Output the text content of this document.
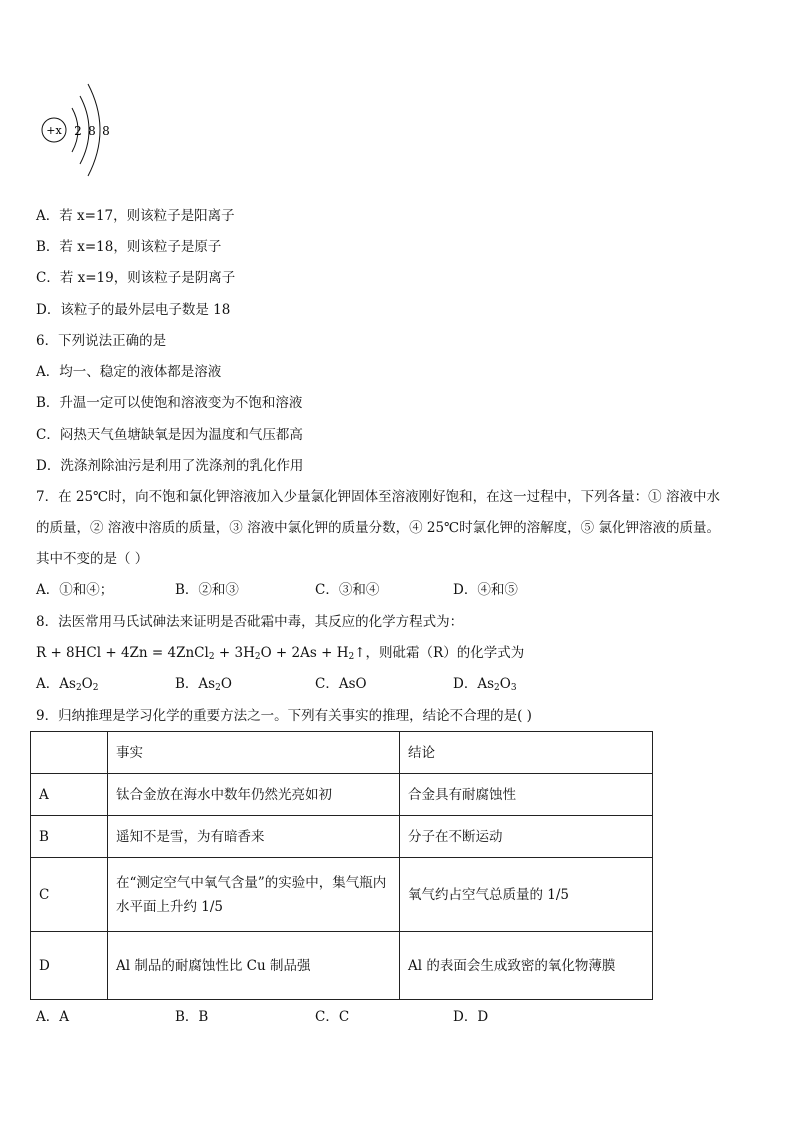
+x 2 8 8
A．若 x=17，则该粒子是阳离子
B．若 x=18，则该粒子是原子
C．若 x=19，则该粒子是阴离子
D．该粒子的最外层电子数是 18
6．下列说法正确的是
A．均一、稳定的液体都是溶液
B．升温一定可以使饱和溶液变为不饱和溶液
C．闷热天气鱼塘缺氧是因为温度和气压都高
D．洗涤剂除油污是利用了洗涤剂的乳化作用
7．在 25℃时，向不饱和氯化钾溶液加入少量氯化钾固体至溶液刚好饱和，在这一过程中，下列各量：① 溶液中水
的质量，② 溶液中溶质的质量，③ 溶液中氯化钾的质量分数，④ 25℃时氯化钾的溶解度，⑤ 氯化钾溶液的质量。
其中不变的是（ ）
A．①和④；	B．②和③	C．③和④	D．④和⑤
8．法医常用马氏试砷法来证明是否砒霜中毒，其反应的化学方程式为：
R + 8HCl + 4Zn = 4ZnCl$_2$ + $3H_2O + 2As$ + $H_2↑$，则砒霜（R）的化学式为
A．$As_2O_2$	B．$As_2O$	C．AsO	D．$As_2O_3$
9．归纳推理是学习化学的重要方法之一。下列有关事实的推理，结论不合理的是( )
	事实	结论
A	钛合金放在海水中数年仍然光亮如初	合金具有耐腐蚀性
B	遥知不是雪，为有暗香来	分子在不断运动
C	在“测定空气中氧气含量”的实验中，集气瓶内水平面上升约 1/5	氧气约占空气总质量的 1/5
D	Al 制品的耐腐蚀性比 Cu 制品强	Al 的表面会生成致密的氧化物薄膜
A．A	B．B	C．C	D．D
